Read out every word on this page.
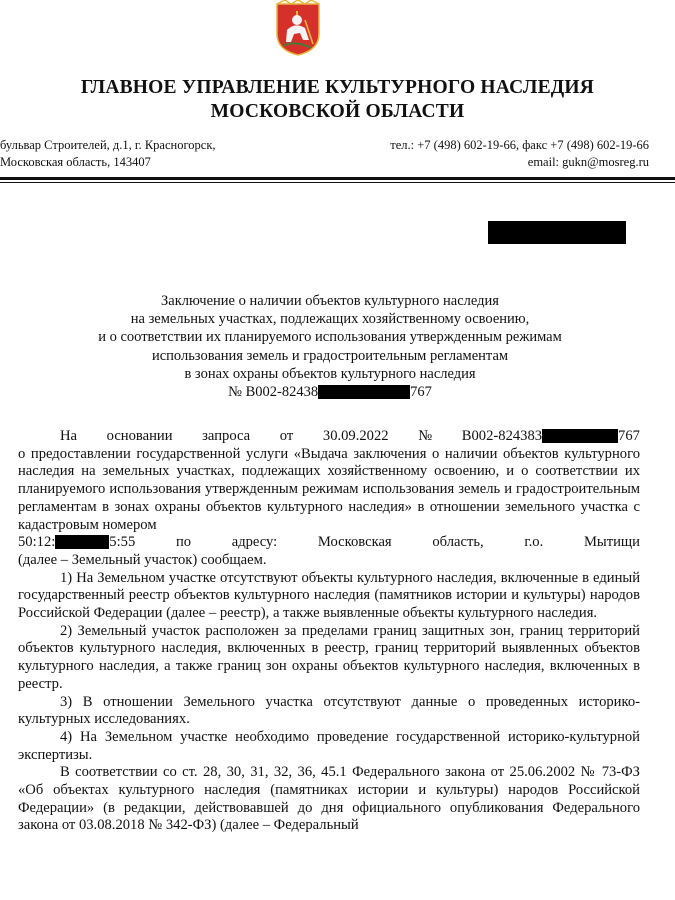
ГЛАВНОЕ УПРАВЛЕНИЕ КУЛЬТУРНОГО НАСЛЕДИЯ
МОСКОВСКОЙ ОБЛАСТИ
бульвар Строителей, д.1, г. Красногорск,
Московская область, 143407
тел.: +7 (498) 602-19-66, факс +7 (498) 602-19-66
email: gukn@mosreg.ru
Заключение о наличии объектов культурного наследия
на земельных участках, подлежащих хозяйственному освоению,
и о соответствии их планируемого использования утвержденным режимам
использования земель и градостроительным регламентам
в зонах охраны объектов культурного наследия
№ B002-82438	767
На основании запроса от 30.09.2022 № B002-824383	767

о предоставлении государственной услуги «Выдача заключения о наличии объектов культурного наследия на земельных участках, подлежащих хозяйственному освоению, и о соответствии их планируемого использования утвержденным режимам использования земель и градостроительным регламентам в зонах охраны объектов культурного наследия» в отношении земельного участка с кадастровым номером

50:12:	5:55	по	адресу:	Московская	область,	г.о.	Мытищи

(далее – Земельный участок) сообщаем.

1) На Земельном участке отсутствуют объекты культурного наследия, включенные в единый государственный реестр объектов культурного наследия (памятников истории и культуры) народов Российской Федерации (далее – реестр), а также выявленные объекты культурного наследия.

2) Земельный участок расположен за пределами границ защитных зон, границ территорий объектов культурного наследия, включенных в реестр, границ территорий выявленных объектов культурного наследия, а также границ зон охраны объектов культурного наследия, включенных в реестр.

3) В отношении Земельного участка отсутствуют данные о проведенных историко-культурных исследованиях.

4) На Земельном участке необходимо проведение государственной историко-культурной экспертизы.

В соответствии со ст. 28, 30, 31, 32, 36, 45.1 Федерального закона от 25.06.2002 № 73-ФЗ «Об объектах культурного наследия (памятниках истории и культуры) народов Российской Федерации» (в редакции, действовавшей до дня официального опубликования Федерального закона от 03.08.2018 № 342-ФЗ) (далее – Федеральный
